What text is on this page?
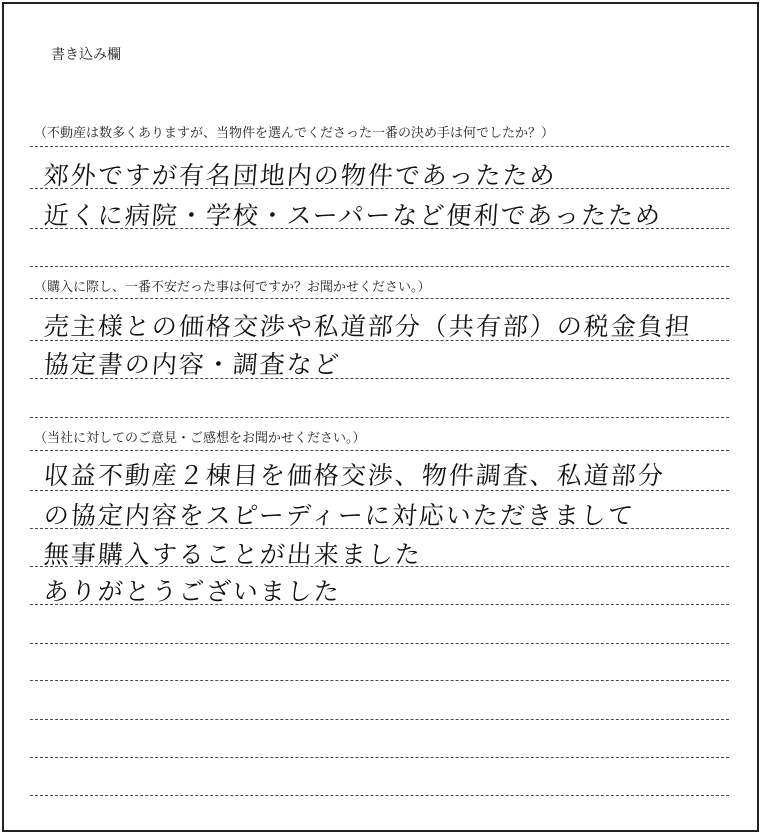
書き込み欄
（不動産は数多くありますが、当物件を選んでくださった一番の決め手は何でしたか？）
郊外ですが有名団地内の物件であったため
近くに病院・学校・スーパーなど便利であったため
（購入に際し、一番不安だった事は何ですか？お聞かせください。）
売主様との価格交渉や私道部分（共有部）の税金負担
協定書の内容・調査など
（当社に対してのご意見・ご感想をお聞かせください。）
収益不動産２棟目を価格交渉、物件調査、私道部分
の協定内容をスピーディーに対応いただきまして
無事購入することが出来ました
ありがとうございました
